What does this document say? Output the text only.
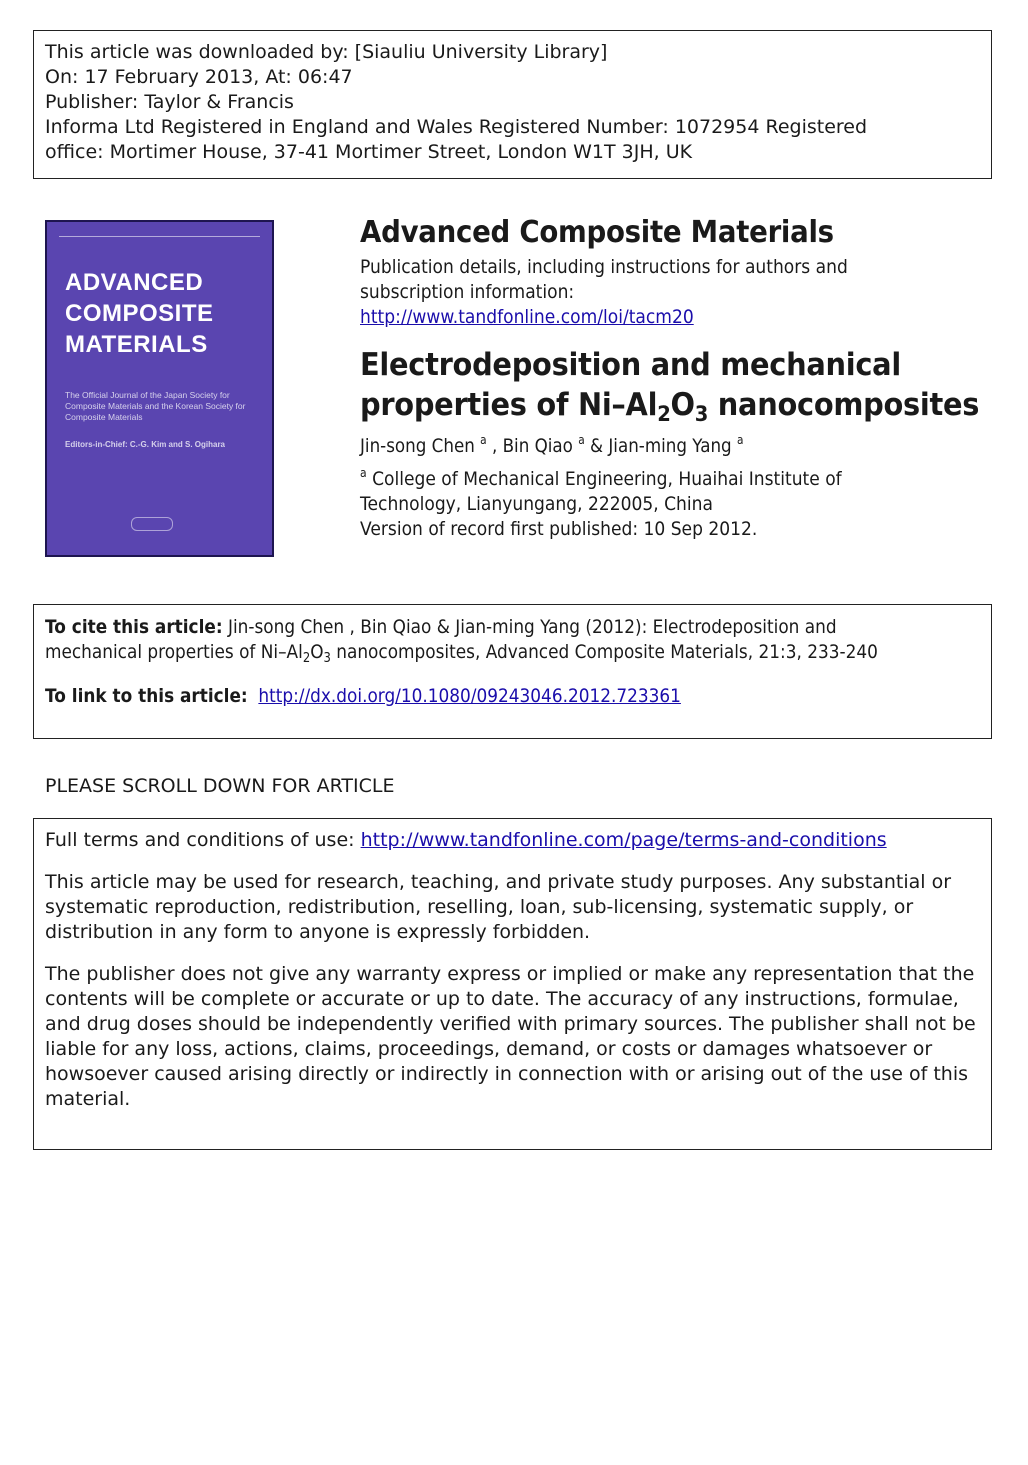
This article was downloaded by: [Siauliu University Library]
On: 17 February 2013, At: 06:47
Publisher: Taylor & Francis
Informa Ltd Registered in England and Wales Registered Number: 1072954 Registered
office: Mortimer House, 37-41 Mortimer Street, London W1T 3JH, UK
ADVANCED
COMPOSITE
MATERIALS
The Official Journal of the Japan Society for Composite Materials and the Korean Society for Composite Materials
Editors-in-Chief: C.-G. Kim and S. Ogihara
Advanced Composite Materials
Publication details, including instructions for authors and subscription information:
http://www.tandfonline.com/loi/tacm20
Electrodeposition and mechanical
properties of $Ni-Al_2O_3$ nanocomposites
Jin-song Chen $^a$ , Bin Qiao $^a$ & Jian-ming Yang $^a$
$^a$ College of Mechanical Engineering, Huaihai Institute of Technology, Lianyungang, 222005, China
Version of record first published: 10 Sep 2012.
To cite this article: Jin-song Chen , Bin Qiao & Jian-ming Yang (2012): Electrodeposition and
mechanical properties of $Ni-Al_2O_3$ nanocomposites, Advanced Composite Materials, 21:3, 233-240
To link to this article: http://dx.doi.org/10.1080/09243046.2012.723361
PLEASE SCROLL DOWN FOR ARTICLE

Full terms and conditions of use: http://www.tandfonline.com/page/terms-and-conditions

This article may be used for research, teaching, and private study purposes. Any substantial or systematic reproduction, redistribution, reselling, loan, sub-licensing, systematic supply, or distribution in any form to anyone is expressly forbidden.

The publisher does not give any warranty express or implied or make any representation that the contents will be complete or accurate or up to date. The accuracy of any instructions, formulae, and drug doses should be independently verified with primary sources. The publisher shall not be liable for any loss, actions, claims, proceedings, demand, or costs or damages whatsoever or howsoever caused arising directly or indirectly in connection with or arising out of the use of this material.
